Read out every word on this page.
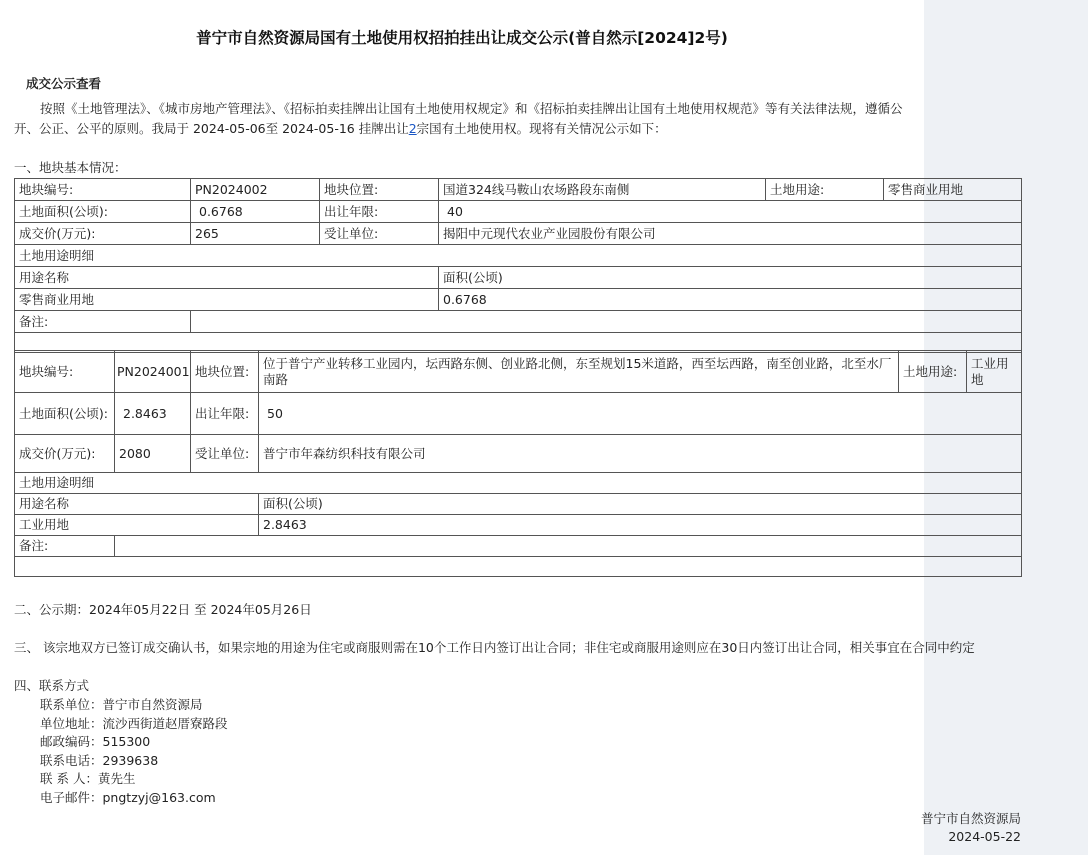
普宁市自然资源局国有土地使用权招拍挂出让成交公示(普自然示[2024]2号)
成交公示查看
按照《土地管理法》、《城市房地产管理法》、《招标拍卖挂牌出让国有土地使用权规定》和《招标拍卖挂牌出让国有土地使用权规范》等有关法律法规，遵循公开、公正、公平的原则。我局于 2024-05-06至 2024-05-16 挂牌出让2宗国有土地使用权。现将有关情况公示如下：
一、地块基本情况：
地块编号:	PN2024002	地块位置:	国道324线马鞍山农场路段东南侧	土地用途:	零售商业用地
土地面积(公顷):	0.6768	出让年限:	40		
成交价(万元):	265	受让单位:	揭阳中元现代农业产业园股份有限公司		
土地用途明细					
用途名称			面积(公顷)		
零售商业用地			0.6768		
备注:					

地块编号:	PN2024001	地块位置:	位于普宁产业转移工业园内，坛西路东侧、创业路北侧，东至规划15米道路，西至坛西路，南至创业路，北至水厂南路	土地用途:	工业用地
土地面积(公顷):	2.8463	出让年限:	50		
成交价(万元):	2080	受让单位:	普宁市年森纺织科技有限公司		
土地用途明细					
用途名称			面积(公顷)		
工业用地			2.8463		
备注:					

二、公示期：2024年05月22日 至 2024年05月26日
三、 该宗地双方已签订成交确认书，如果宗地的用途为住宅或商服则需在10个工作日内签订出让合同；非住宅或商服用途则应在30日内签订出让合同，相关事宜在合同中约定
四、联系方式
联系单位：普宁市自然资源局
单位地址：流沙西街道赵厝寮路段
邮政编码：515300
联系电话：2939638
联 系 人：黄先生
电子邮件：pngtzyj@163.com
普宁市自然资源局
2024-05-22
